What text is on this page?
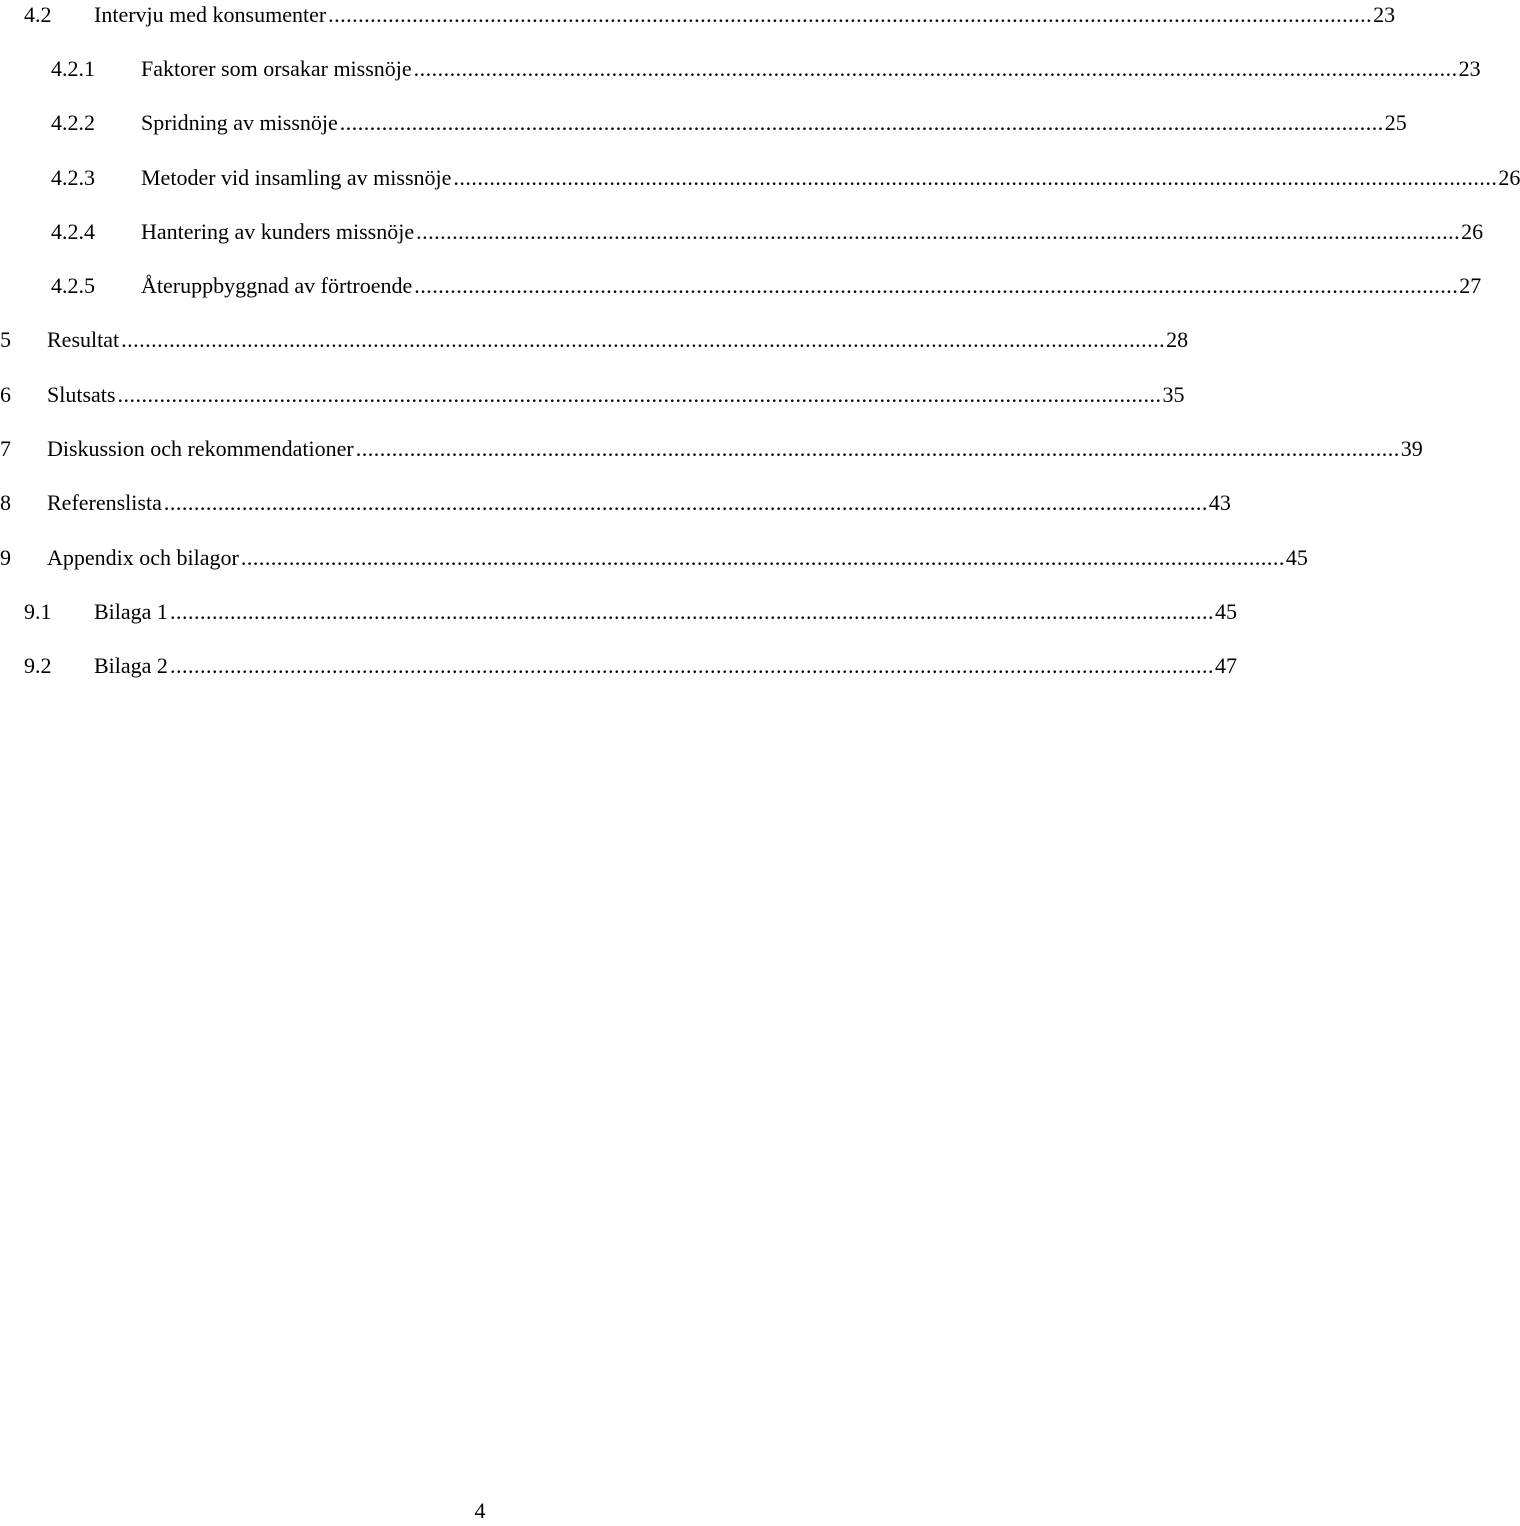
4.2 Intervju med konsumenter .............................................................................................................................................................................. 23
4.2.1 Faktorer som orsakar missnöje .............................................................................................................................................................................. 23
4.2.2 Spridning av missnöje .............................................................................................................................................................................. 25
4.2.3 Metoder vid insamling av missnöje .............................................................................................................................................................................. 26
4.2.4 Hantering av kunders missnöje .............................................................................................................................................................................. 26
4.2.5 Återuppbyggnad av förtroende .............................................................................................................................................................................. 27
5 Resultat .............................................................................................................................................................................. 28
6 Slutsats .............................................................................................................................................................................. 35
7 Diskussion och rekommendationer .............................................................................................................................................................................. 39
8 Referenslista .............................................................................................................................................................................. 43
9 Appendix och bilagor .............................................................................................................................................................................. 45
9.1 Bilaga 1 .............................................................................................................................................................................. 45
9.2 Bilaga 2 .............................................................................................................................................................................. 47
4
